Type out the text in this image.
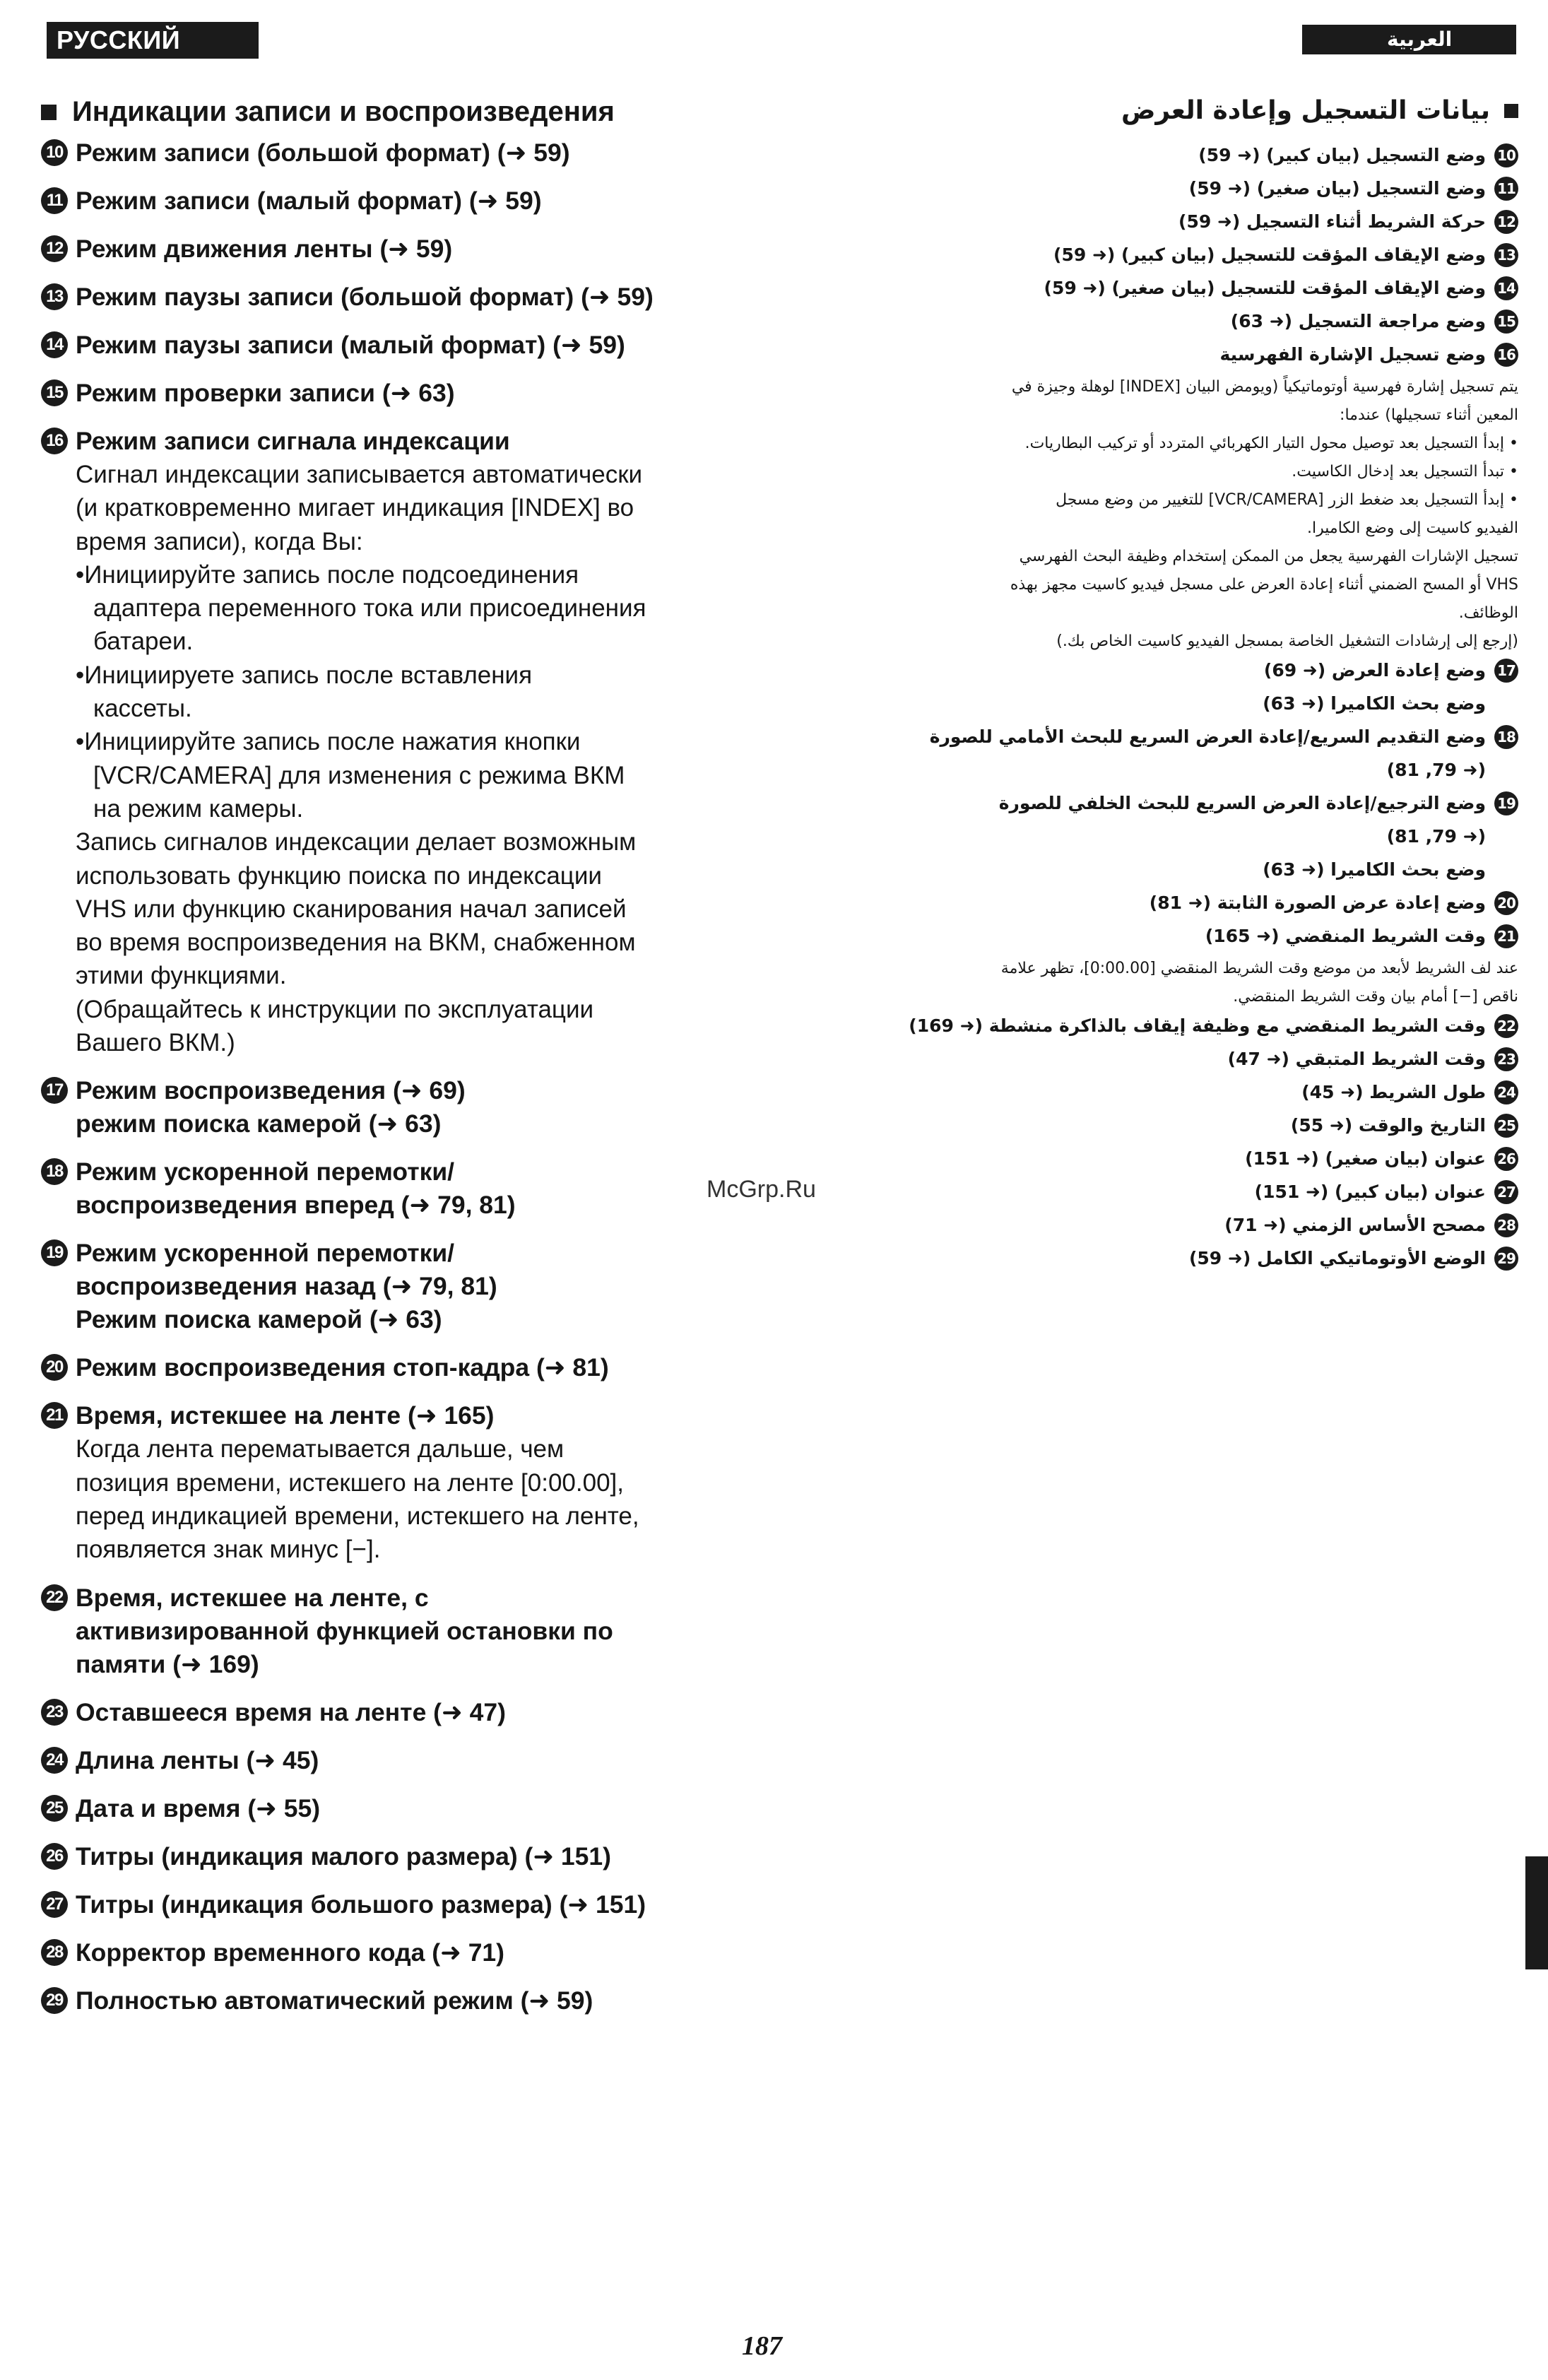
РУССКИЙ ЯЗЫК
العربية
Индикации записи и воспроизведения
10 Режим записи (большой формат) (➜ 59)
11 Режим записи (малый формат) (➜ 59)
12 Режим движения ленты (➜ 59)
13 Режим паузы записи (большой формат) (➜ 59)
14 Режим паузы записи (малый формат) (➜ 59)
15 Режим проверки записи (➜ 63)
16 Режим записи сигнала индексации
Сигнал индексации записывается автоматически
(и кратковременно мигает индикация [INDEX] во
время записи), когда Вы:
•Инициируйте запись после подсоединения
адаптера переменного тока или присоединения
батареи.
•Инициируете запись после вставления
кассеты.
•Инициируйте запись после нажатия кнопки
[VCR/CAMERA] для изменения с режима ВКМ
на режим камеры.
Запись сигналов индексации делает возможным
использовать функцию поиска по индексации
VHS или функцию сканирования начал записей
во время воспроизведения на ВКМ, снабженном
этими функциями.
(Обращайтесь к инструкции по эксплуатации
Вашего ВКМ.)
17 Режим воспроизведения (➜ 69)
режим поиска камерой (➜ 63)
18 Режим ускоренной перемотки/
воспроизведения вперед (➜ 79, 81)
19 Режим ускоренной перемотки/
воспроизведения назад (➜ 79, 81)
Режим поиска камерой (➜ 63)
20 Режим воспроизведения стоп-кадра (➜ 81)
21 Время, истекшее на ленте (➜ 165)
Когда лента перематывается дальше, чем
позиция времени, истекшего на ленте [0:00.00],
перед индикацией времени, истекшего на ленте,
появляется знак минус [−].
22 Время, истекшее на ленте, с
активизированной функцией остановки по
памяти (➜ 169)
23 Оставшееся время на ленте (➜ 47)
24 Длина ленты (➜ 45)
25 Дата и время (➜ 55)
26 Титры (индикация малого размера) (➜ 151)
27 Титры (индикация большого размера) (➜ 151)
28 Корректор временного кода (➜ 71)
29 Полностью автоматический режим (➜ 59)
بيانات التسجيل وإعادة العرض
10
وضع التسجيل (بيان كبير) (➜ 59)
11
وضع التسجيل (بيان صغير) (➜ 59)
12
حركة الشريط أثناء التسجيل (➜ 59)
13
وضع الإيقاف المؤقت للتسجيل (بيان كبير) (➜ 59)
14
وضع الإيقاف المؤقت للتسجيل (بيان صغير) (➜ 59)
15
وضع مراجعة التسجيل (➜ 63)
16
وضع تسجيل الإشارة الفهرسية
يتم تسجيل إشارة فهرسية أوتوماتيكياً (ويومض البيان [INDEX] لوهلة وجيزة في
المعين أثناء تسجيلها) عندما:
• إبدأ التسجيل بعد توصيل محول التيار الكهربائي المتردد أو تركيب البطاريات.
• تبدأ التسجيل بعد إدخال الكاسيت.
• إبدأ التسجيل بعد ضغط الزر [VCR/CAMERA] للتغيير من وضع مسجل
الفيديو كاسيت إلى وضع الكاميرا.
تسجيل الإشارات الفهرسية يجعل من الممكن إستخدام وظيفة البحث الفهرسي
VHS أو المسح الضمني أثناء إعادة العرض على مسجل فيديو كاسيت مجهز بهذه
الوظائف.
(إرجع إلى إرشادات التشغيل الخاصة بمسجل الفيديو كاسيت الخاص بك.)
17
وضع إعادة العرض (➜ 69)
وضع بحث الكاميرا (➜ 63)
18
وضع التقديم السريع/إعادة العرض السريع للبحث الأمامي للصورة
(➜ 79, 81)
19
وضع الترجيع/إعادة العرض السريع للبحث الخلفي للصورة
(➜ 79, 81)
وضع بحث الكاميرا (➜ 63)
20
وضع إعادة عرض الصورة الثابتة (➜ 81)
21
وقت الشريط المنقضي (➜ 165)
عند لف الشريط لأبعد من موضع وقت الشريط المنقضي [0:00.00]، تظهر علامة
ناقص [−] أمام بيان وقت الشريط المنقضي.
22
وقت الشريط المنقضي مع وظيفة إيقاف بالذاكرة منشطة (➜ 169)
23
وقت الشريط المتبقي (➜ 47)
24
طول الشريط (➜ 45)
25
التاريخ والوقت (➜ 55)
26
عنوان (بيان صغير) (➜ 151)
27
عنوان (بيان كبير) (➜ 151)
28
مصحح الأساس الزمني (➜ 71)
29
الوضع الأوتوماتيكي الكامل (➜ 59)
McGrp.Ru
187
